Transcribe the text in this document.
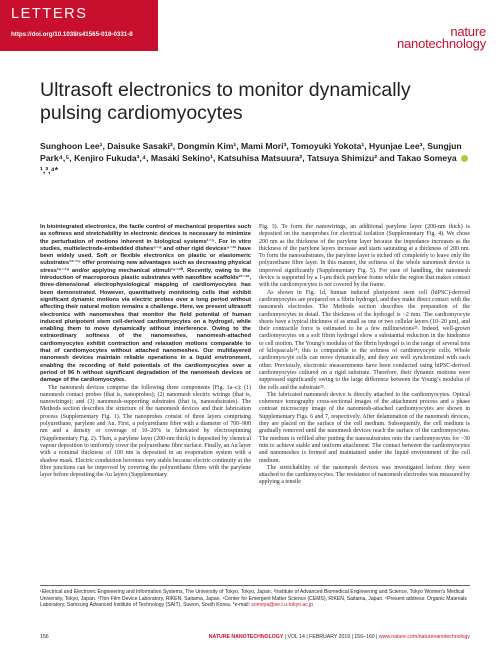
LETTERS
https://doi.org/10.1038/s41565-018-0331-8	nature
nanotechnology
Ultrasoft electronics to monitor dynamically pulsing cardiomyocytes
Sunghoon Lee¹, Daisuke Sasaki², Dongmin Kim¹, Mami Mori³, Tomoyuki Yokota¹, Hyunjae Lee³, Sungjun Park⁴,⁵, Kenjiro Fukuda³,⁴, Masaki Sekino¹, Katsuhisa Matsuura², Tatsuya Shimizu² and Takao Someya ¹,³,⁴*

In biointegrated electronics, the facile control of mechanical properties such as softness and stretchability in electronic devices is necessary to minimize the perturbation of motions inherent in biological systems¹⁻⁵. For in vitro studies, multielectrode-embedded dishes⁶⁻⁸ and other rigid devices⁹⁻¹² have been widely used. Soft or flexible electronics on plastic or elastomeric substrates¹³⁻¹⁵ offer promising new advantages such as decreasing physical stress¹⁶⁻¹⁸ and/or applying mechanical stimuli¹⁹⁻²⁰. Recently, owing to the introduction of macroporous plastic substrates with nanofibre scaffolds²¹⁻²², three-dimensional electrophysiological mapping of cardiomyocytes has been demonstrated. However, quantitatively monitoring cells that exhibit significant dynamic motions via electric probes over a long period without affecting their natural motion remains a challenge. Here, we present ultrasoft electronics with nanomeshes that monitor the field potential of human induced pluripotent stem cell-derived cardiomyocytes on a hydrogel, while enabling them to move dynamically without interference. Owing to the extraordinary softness of the nanomeshes, nanomesh-attached cardiomyocytes exhibit contraction and relaxation motions comparable to that of cardiomyocytes without attached nanomeshes. Our multilayered nanomesh devices maintain reliable operations in a liquid environment, enabling the recording of field potentials of the cardiomyocytes over a period of 96 h without significant degradation of the nanomesh devices or damage of the cardiomyocytes.

The nanomesh devices comprise the following three components (Fig. 1a–c): (1) nanomesh contact probes (that is, nanoprobes); (2) nanomesh electric wirings (that is, nanowirings); and (3) nanomesh-supporting substrates (that is, nanosubstrates). The Methods section describes the structure of the nanomesh devices and their fabrication process (Supplementary Fig. 1). The nanoprobes consist of three layers comprising polyurethane, parylene and Au. First, a polyurethane fibre with a diameter of 700–900 nm and a density or coverage of 10–20% is fabricated by electrospinning (Supplementary Fig. 2). Then, a parylene layer (200-nm thick) is deposited by chemical vapour deposition to uniformly cover the polyurethane fibre surface. Finally, an Au layer with a nominal thickness of 100 nm is deposited in an evaporation system with a shadow mask. Electric conduction becomes very stable because electric continuity at the fibre junctions can be improved by covering the polyurethane fibres with the parylene layer before depositing the Au layers (Supplementary

Fig. 3). To form the nanowirings, an additional parylene layer (200-nm thick) is deposited on the nanoprobes for electrical isolation (Supplementary Fig. 4). We chose 200 nm as the thickness of the parylene layer because the impedance increases as the thickness of the parylene layers increase and starts saturating at a thickness of 200 nm. To form the nanosubstrates, the parylene layer is etched off completely to leave only the polyurethane fibre layer. In this manner, the softness of the whole nanomesh device is improved significantly (Supplementary Fig. 5). For ease of handling, the nanomesh device is supported by a 1-μm thick parylene frame while the region that makes contact with the cardiomyocytes is not covered by the frame.

As shown in Fig. 1d, human induced pluripotent stem cell (hiPSC)-derived cardiomyocytes are prepared on a fibrin hydrogel, and they make direct contact with the nanomesh electrodes. The Methods section describes the preparation of the cardiomyocytes in detail. The thickness of the hydrogel is ~2 mm. The cardiomyocyte sheets have a typical thickness of as small as one or two cellular layers (10–20 μm), and their contractile force is estimated to be a few millinewtons²³. Indeed, well-grown cardiomyocytes on a soft fibrin hydrogel show a substantial reduction in the hindrance to cell motion. The Young’s modulus of the fibrin hydrogel is in the range of several tens of kilopascals²⁴; this is comparable to the softness of cardiomyocyte cells. Whole cardiomyocyte cells can move dynamically, and they are well synchronized with each other. Previously, electronic measurements have been conducted using hiPSC-derived cardiomyocytes cultured on a rigid substrate. Therefore, their dynamic motions were suppressed significantly owing to the large difference between the Young’s modulus of the cells and the substrate²⁵.

The fabricated nanomesh device is directly attached to the cardiomyocytes. Optical coherence tomography cross-sectional images of the attachment process and a phase contrast microscopy image of the nanomesh-attached cardiomyocytes are shown in Supplementary Figs. 6 and 7, respectively. After delamination of the nanomesh devices, they are placed on the surface of the cell medium. Subsequently, the cell medium is gradually removed until the nanomesh devices reach the surface of the cardiomyocytes. The medium is refilled after putting the nanosubstrates onto the cardiomyocytes for ~30 min to achieve stable and uniform attachment. The contact between the cardiomyocytes and nanomeshes is formed and maintained under the liquid environment of the cell medium.

The stretchability of the nanomesh devices was investigated before they were attached to the cardiomyocytes. The resistance of nanomesh electrodes was measured by applying a tensile

¹Electrical and Electronic Engineering and Information Systems, The University of Tokyo, Tokyo, Japan. ²Institute of Advanced Biomedical Engineering and Science, Tokyo Women’s Medical University, Tokyo, Japan. ³Thin-Film Device Laboratory, RIKEN, Saitama, Japan. ⁴Center for Emergent Matter Science (CEMS), RIKEN, Saitama, Japan. ⁵Present address: Organic Materials Laboratory, Samsung Advanced Institute of Technology (SAIT), Suwon, South Korea. *e-mail: someya@ee.t.u-tokyo.ac.jp
156	NATURE NANOTECHNOLOGY | VOL 14 | FEBRUARY 2019 | 156–160 | www.nature.com/naturenanotechnology
